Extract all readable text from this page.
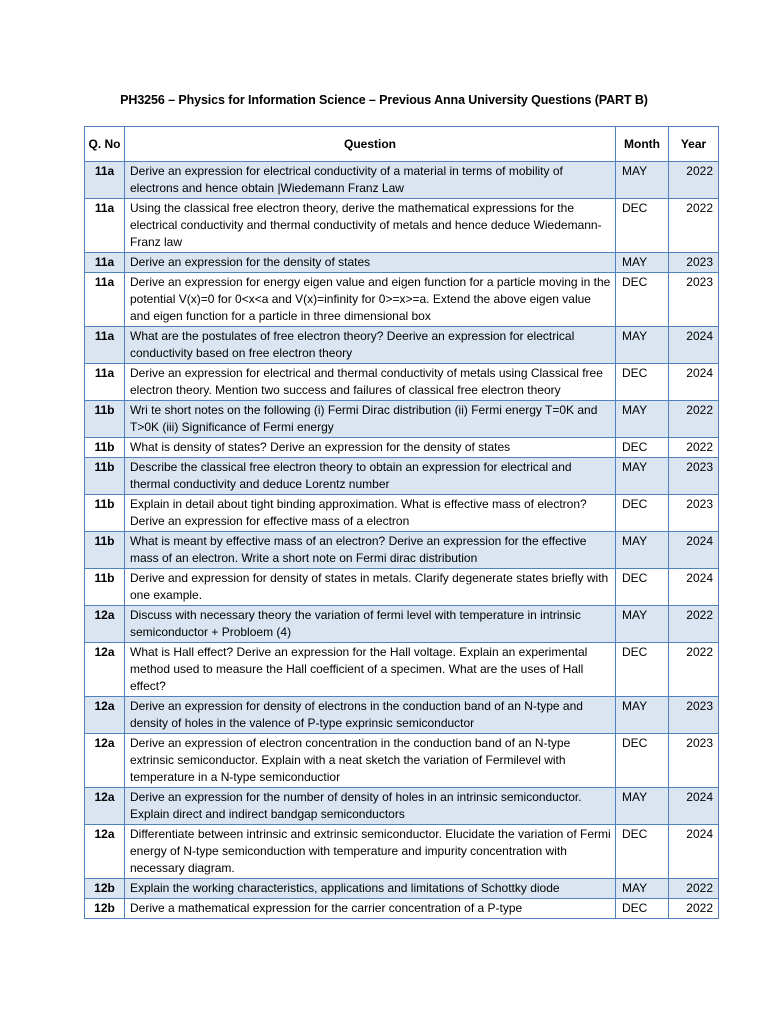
PH3256 – Physics for Information Science – Previous Anna University Questions (PART B)
Q. No	Question	Month	Year
11a	Derive an expression for electrical conductivity of a material in terms of mobility of electrons and hence obtain |Wiedemann Franz Law	MAY	2022
11a	Using the classical free electron theory, derive the mathematical expressions for the electrical conductivity and thermal conductivity of metals and hence deduce Wiedemann-Franz law	DEC	2022
11a	Derive an expression for the density of states	MAY	2023
11a	Derive an expression for energy eigen value and eigen function for a particle moving in the potential V(x)=0 for 0<x<a and V(x)=infinity for 0>=x>=a. Extend the above eigen value and eigen function for a particle in three dimensional box	DEC	2023
11a	What are the postulates of free electron theory? Deerive an expression for electrical conductivity based on free electron theory	MAY	2024
11a	Derive an expression for electrical and thermal conductivity of metals using Classical free electron theory. Mention two success and failures of classical free electron theory	DEC	2024
11b	Wri te short notes on the following (i) Fermi Dirac distribution (ii) Fermi energy T=0K and T>0K (iii) Significance of Fermi energy	MAY	2022
11b	What is density of states? Derive an expression for the density of states	DEC	2022
11b	Describe the classical free electron theory to obtain an expression for electrical and thermal conductivity and deduce Lorentz number	MAY	2023
11b	Explain in detail about tight binding approximation. What is effective mass of electron? Derive an expression for effective mass of a electron	DEC	2023
11b	What is meant by effective mass of an electron? Derive an expression for the effective mass of an electron. Write a short note on Fermi dirac distribution	MAY	2024
11b	Derive and expression for density of states in metals. Clarify degenerate states briefly with one example.	DEC	2024
12a	Discuss with necessary theory the variation of fermi level with temperature in intrinsic semiconductor + Probloem (4)	MAY	2022
12a	What is Hall effect? Derive an expression for the Hall voltage. Explain an experimental method used to measure the Hall coefficient of a specimen. What are the uses of Hall effect?	DEC	2022
12a	Derive an expression for density of electrons in the conduction band of an N-type and density of holes in the valence of P-type exprinsic semiconductor	MAY	2023
12a	Derive an expression of electron concentration in the conduction band of an N-type extrinsic semiconductor. Explain with a neat sketch the variation of Fermilevel with temperature in a N-type semiconductior	DEC	2023
12a	Derive an expression for the number of density of holes in an intrinsic semiconductor. Explain direct and indirect bandgap semiconductors	MAY	2024
12a	Differentiate between intrinsic and extrinsic semiconductor. Elucidate the variation of Fermi energy of N-type semiconduction with temperature and impurity concentration with necessary diagram.	DEC	2024
12b	Explain the working characteristics, applications and limitations of Schottky diode	MAY	2022
12b	Derive a mathematical expression for the carrier concentration of a P-type	DEC	2022
